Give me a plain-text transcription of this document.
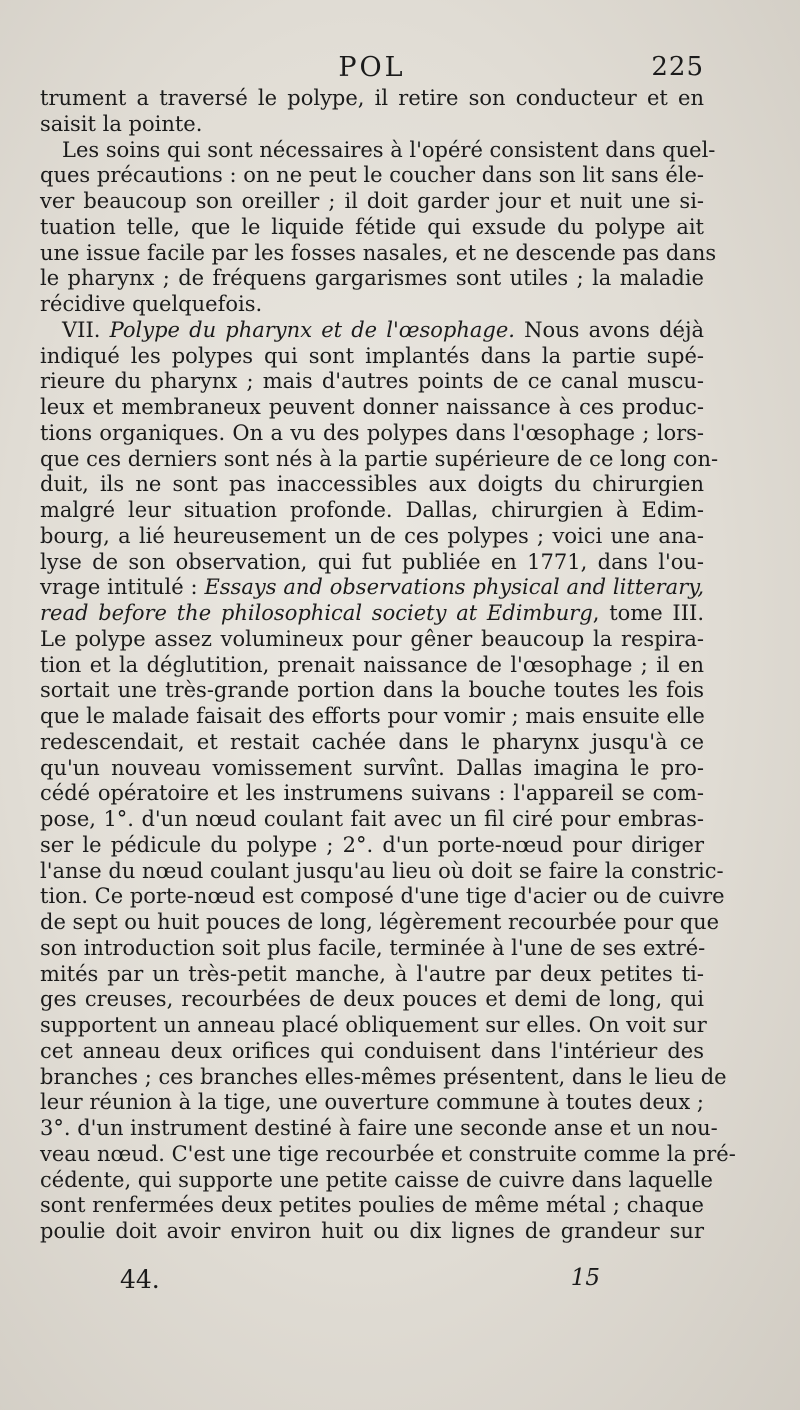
POL	225
trument a traversé le polype, il retire son conducteur et en
saisit la pointe.
Les soins qui sont nécessaires à l'opéré consistent dans quel-
ques précautions : on ne peut le coucher dans son lit sans éle-
ver beaucoup son oreiller ; il doit garder jour et nuit une si-
tuation telle, que le liquide fétide qui exsude du polype ait
une issue facile par les fosses nasales, et ne descende pas dans
le pharynx ; de fréquens gargarismes sont utiles ; la maladie
récidive quelquefois.
VII. Polype du pharynx et de l'œsophage. Nous avons déjà
indiqué les polypes qui sont implantés dans la partie supé-
rieure du pharynx ; mais d'autres points de ce canal muscu-
leux et membraneux peuvent donner naissance à ces produc-
tions organiques. On a vu des polypes dans l'œsophage ; lors-
que ces derniers sont nés à la partie supérieure de ce long con-
duit, ils ne sont pas inaccessibles aux doigts du chirurgien
malgré leur situation profonde. Dallas, chirurgien à Edim-
bourg, a lié heureusement un de ces polypes ; voici une ana-
lyse de son observation, qui fut publiée en 1771, dans l'ou-
vrage intitulé : Essays and observations physical and litterary,
read before the philosophical society at Edimburg, tome III.
Le polype assez volumineux pour gêner beaucoup la respira-
tion et la déglutition, prenait naissance de l'œsophage ; il en
sortait une très-grande portion dans la bouche toutes les fois
que le malade faisait des efforts pour vomir ; mais ensuite elle
redescendait, et restait cachée dans le pharynx jusqu'à ce
qu'un nouveau vomissement survînt. Dallas imagina le pro-
cédé opératoire et les instrumens suivans : l'appareil se com-
pose, 1°. d'un nœud coulant fait avec un fil ciré pour embras-
ser le pédicule du polype ; 2°. d'un porte-nœud pour diriger
l'anse du nœud coulant jusqu'au lieu où doit se faire la constric-
tion. Ce porte-nœud est composé d'une tige d'acier ou de cuivre
de sept ou huit pouces de long, légèrement recourbée pour que
son introduction soit plus facile, terminée à l'une de ses extré-
mités par un très-petit manche, à l'autre par deux petites ti-
ges creuses, recourbées de deux pouces et demi de long, qui
supportent un anneau placé obliquement sur elles. On voit sur
cet anneau deux orifices qui conduisent dans l'intérieur des
branches ; ces branches elles-mêmes présentent, dans le lieu de
leur réunion à la tige, une ouverture commune à toutes deux ;
3°. d'un instrument destiné à faire une seconde anse et un nou-
veau nœud. C'est une tige recourbée et construite comme la pré-
cédente, qui supporte une petite caisse de cuivre dans laquelle
sont renfermées deux petites poulies de même métal ; chaque
poulie doit avoir environ huit ou dix lignes de grandeur sur
44.	15
